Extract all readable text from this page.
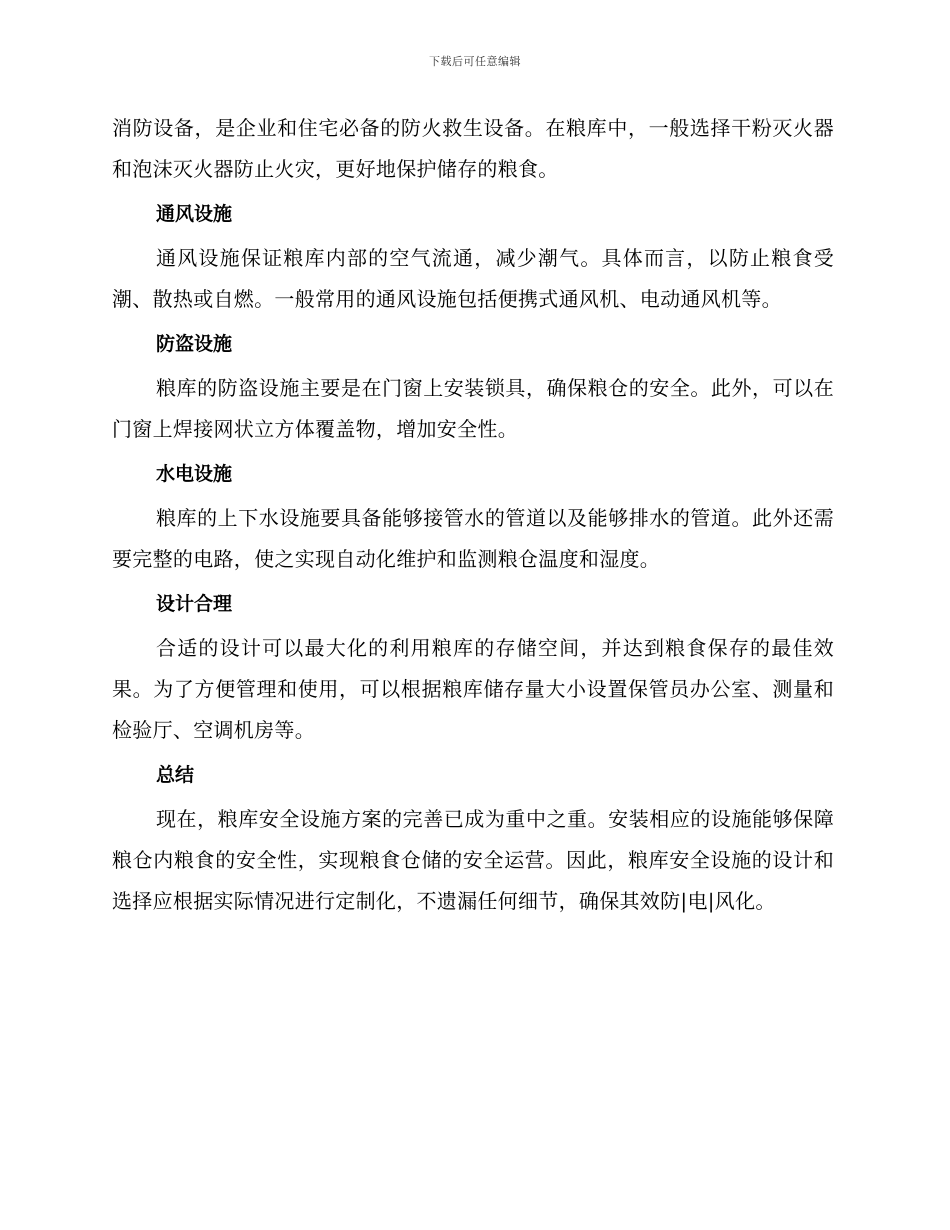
下载后可任意编辑

消防设备，是企业和住宅必备的防火救生设备。在粮库中，一般选择干粉灭火器和泡沫灭火器防止火灾，更好地保护储存的粮食。

通风设施

通风设施保证粮库内部的空气流通，减少潮气。具体而言，以防止粮食受潮、散热或自燃。一般常用的通风设施包括便携式通风机、电动通风机等。

防盗设施

粮库的防盗设施主要是在门窗上安装锁具，确保粮仓的安全。此外，可以在门窗上焊接网状立方体覆盖物，增加安全性。

水电设施

粮库的上下水设施要具备能够接管水的管道以及能够排水的管道。此外还需要完整的电路，使之实现自动化维护和监测粮仓温度和湿度。

设计合理

合适的设计可以最大化的利用粮库的存储空间，并达到粮食保存的最佳效果。为了方便管理和使用，可以根据粮库储存量大小设置保管员办公室、测量和检验厅、空调机房等。

总结

现在，粮库安全设施方案的完善已成为重中之重。安装相应的设施能够保障粮仓内粮食的安全性，实现粮食仓储的安全运营。因此，粮库安全设施的设计和选择应根据实际情况进行定制化，不遗漏任何细节，确保其效防|电|风化。
